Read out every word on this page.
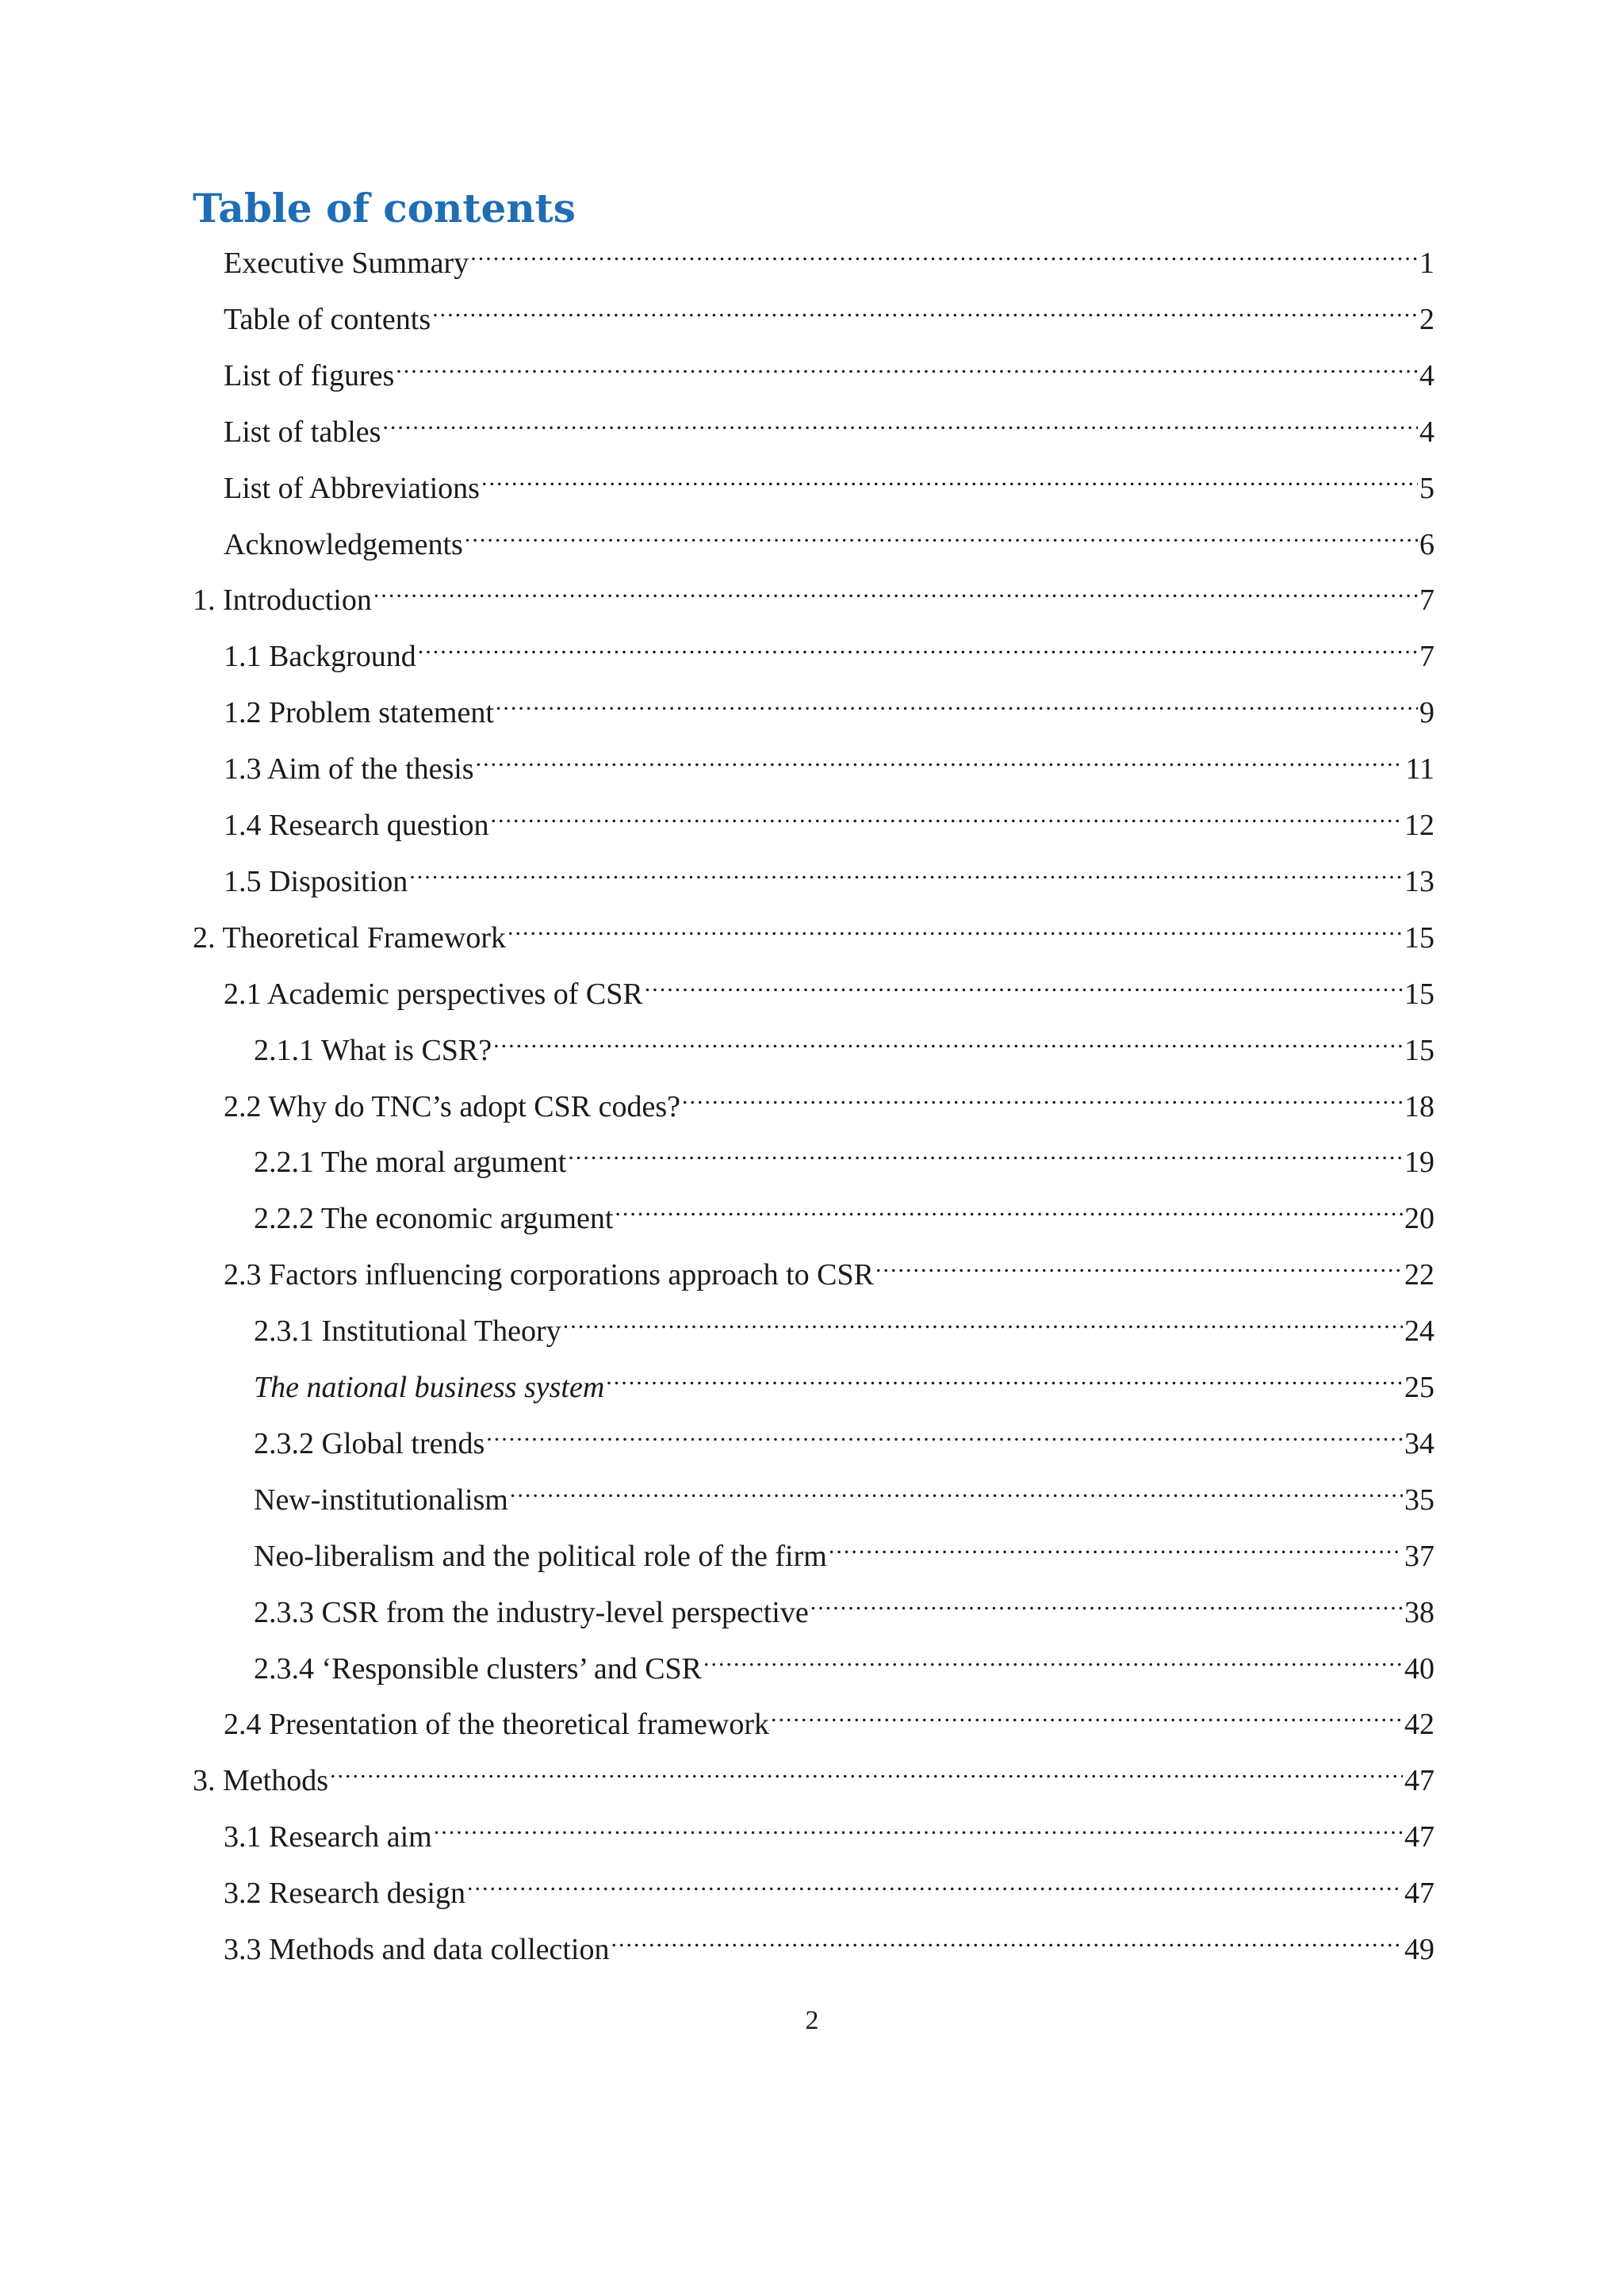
Table of contents
Executive Summary .....	1
Table of contents .....	2
List of figures .....	4
List of tables .....	4
List of Abbreviations .....	5
Acknowledgements .....	6
1. Introduction .....	7
1.1 Background .....	7
1.2 Problem statement .....	9
1.3 Aim of the thesis .....	11
1.4 Research question .....	12
1.5 Disposition .....	13
2. Theoretical Framework .....	15
2.1 Academic perspectives of CSR .....	15
2.1.1 What is CSR? .....	15
2.2 Why do TNC’s adopt CSR codes? .....	18
2.2.1 The moral argument .....	19
2.2.2 The economic argument .....	20
2.3 Factors influencing corporations approach to CSR .....	22
2.3.1 Institutional Theory .....	24
The national business system .....	25
2.3.2 Global trends .....	34
New-institutionalism .....	35
Neo-liberalism and the political role of the firm .....	37
2.3.3 CSR from the industry-level perspective .....	38
2.3.4 ‘Responsible clusters’ and CSR .....	40
2.4 Presentation of the theoretical framework .....	42
3. Methods .....	47
3.1 Research aim .....	47
3.2 Research design .....	47
3.3 Methods and data collection .....	49
2
